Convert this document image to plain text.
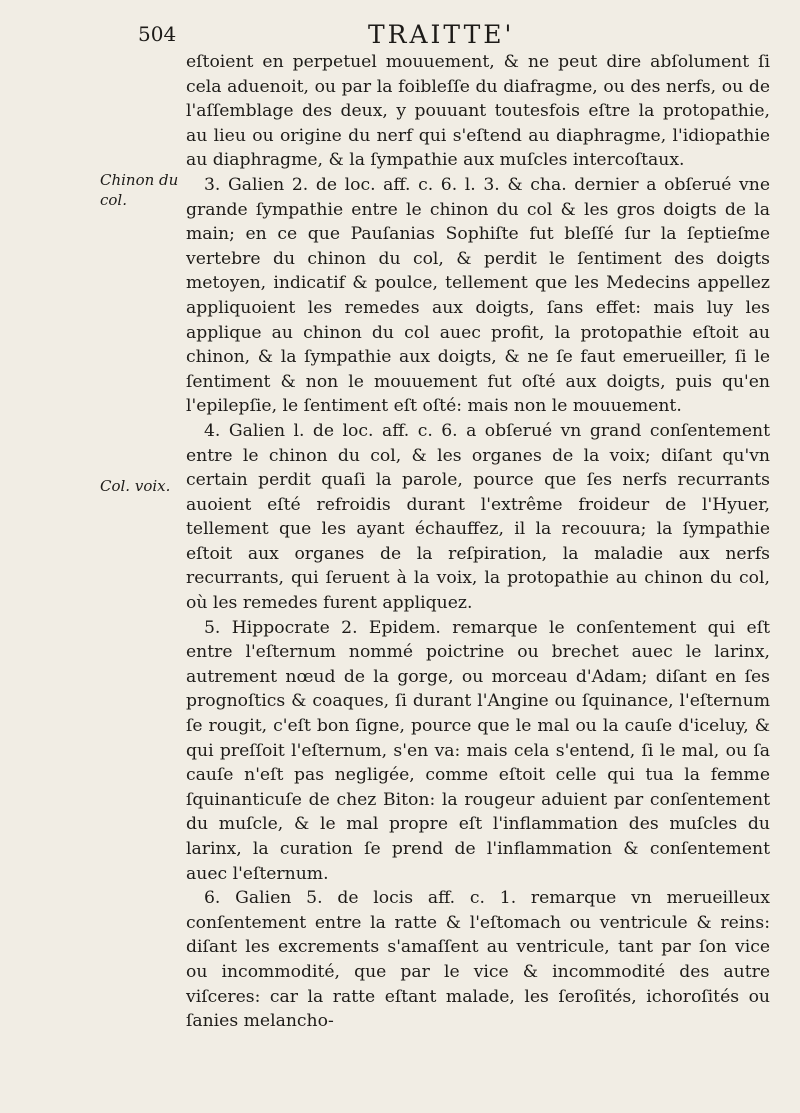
504	TRAITTE'
Chinon du col.
Col. voix.

eſtoient en perpetuel mouuement, & ne peut dire abſolument ſi cela aduenoit, ou par la foibleſſe du diafragme, ou des nerfs, ou de l'aſſemblage des deux, y pouuant toutesfois eſtre la protopathie, au lieu ou origine du nerf qui s'eſtend au diaphragme, l'idiopathie au diaphragme, & la ſympathie aux muſcles intercoſtaux.

3. Galien 2. de loc. aff. c. 6. l. 3. & cha. dernier a obſerué vne grande ſympathie entre le chinon du col & les gros doigts de la main; en ce que Pauſanias Sophiſte fut bleſſé ſur la ſeptieſme vertebre du chinon du col, & perdit le ſentiment des doigts metoyen, indicatif & poulce, tellement que les Medecins appellez appliquoient les remedes aux doigts, ſans effet: mais luy les applique au chinon du col auec profit, la protopathie eſtoit au chinon, & la ſympathie aux doigts, & ne ſe faut emerueiller, ſi le ſentiment & non le mouuement fut oſté aux doigts, puis qu'en l'epilepſie, le ſentiment eſt oſté: mais non le mouuement.

4. Galien l. de loc. aff. c. 6. a obſerué vn grand conſentement entre le chinon du col, & les organes de la voix; diſant qu'vn certain perdit quaſi la parole, pource que ſes nerfs recurrants auoient eſté refroidis durant l'extrême froideur de l'Hyuer, tellement que les ayant échauffez, il la recouura; la ſympathie eſtoit aux organes de la reſpiration, la maladie aux nerfs recurrants, qui ſeruent à la voix, la protopathie au chinon du col, où les remedes furent appliquez.

5. Hippocrate 2. Epidem. remarque le conſentement qui eſt entre l'eſternum nommé poictrine ou brechet auec le larinx, autrement nœud de la gorge, ou morceau d'Adam; diſant en ſes prognoſtics & coaques, ſi durant l'Angine ou ſquinance, l'eſternum ſe rougit, c'eſt bon ſigne, pource que le mal ou la cauſe d'iceluy, & qui preſſoit l'eſternum, s'en va: mais cela s'entend, ſi le mal, ou ſa cauſe n'eſt pas negligée, comme eſtoit celle qui tua la femme ſquinanticuſe de chez Biton: la rougeur aduient par conſentement du muſcle, & le mal propre eſt l'inflammation des muſcles du larinx, la curation ſe prend de l'inflammation & conſentement auec l'eſternum.

6. Galien 5. de locis aff. c. 1. remarque vn merueilleux conſentement entre la ratte & l'eſtomach ou ventricule & reins: diſant les excrements s'amaſſent au ventricule, tant par ſon vice ou incommodité, que par le vice & incommodité des autre viſceres: car la ratte eſtant malade, les ſeroſités, ichoroſités ou ſanies melancho-
